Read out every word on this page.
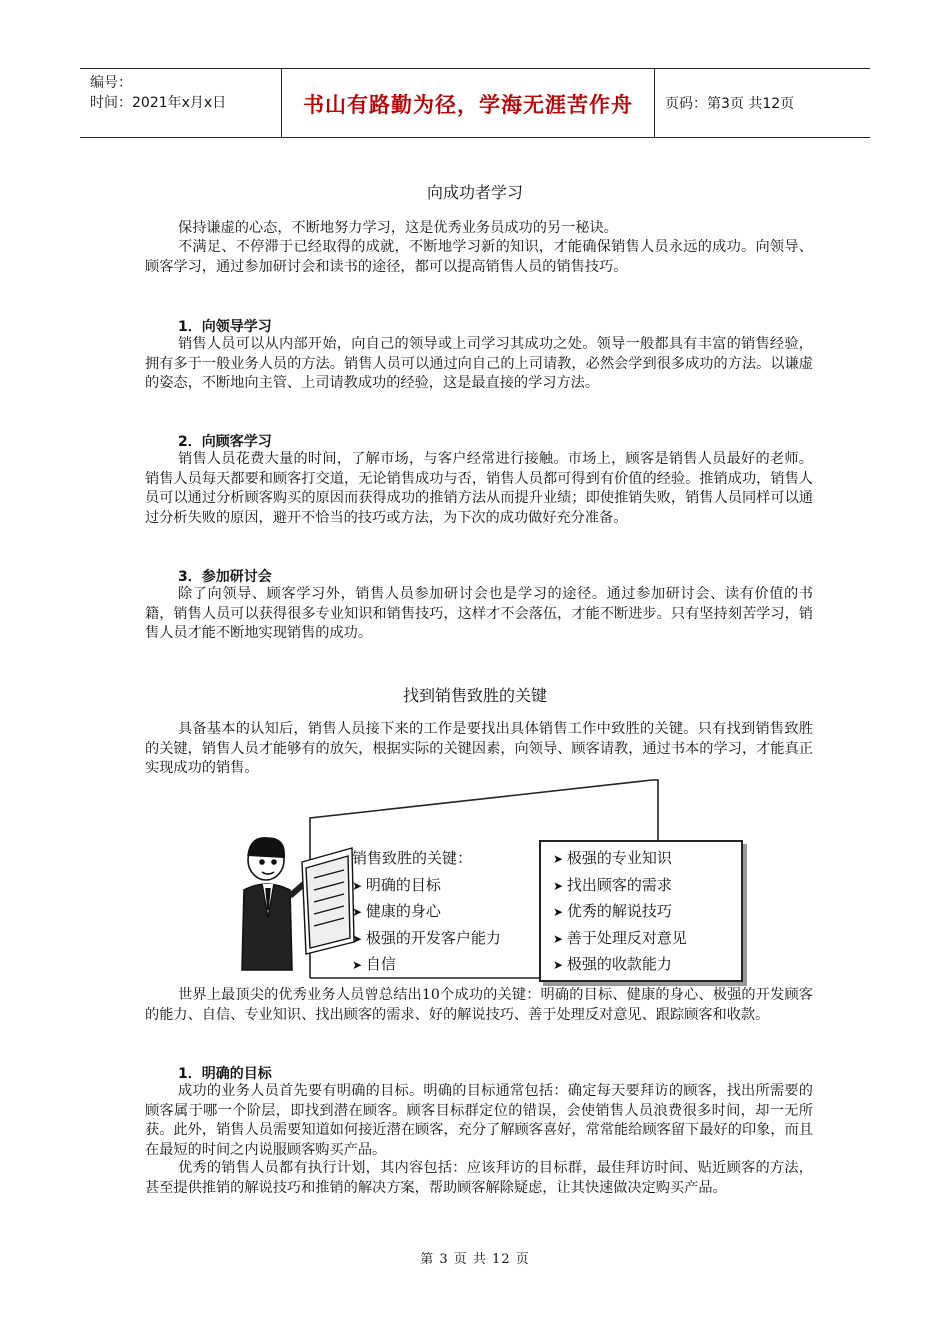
编号：
时间：2021年x月x日	书山有路勤为径，学海无涯苦作舟	页码：第3页 共12页
向成功者学习

保持谦虚的心态，不断地努力学习，这是优秀业务员成功的另一秘诀。

不满足、不停滞于已经取得的成就，不断地学习新的知识，才能确保销售人员永远的成功。向领导、顾客学习，通过参加研讨会和读书的途径，都可以提高销售人员的销售技巧。

1．向领导学习

销售人员可以从内部开始，向自己的领导或上司学习其成功之处。领导一般都具有丰富的销售经验，拥有多于一般业务人员的方法。销售人员可以通过向自己的上司请教，必然会学到很多成功的方法。以谦虚的姿态，不断地向主管、上司请教成功的经验，这是最直接的学习方法。

2．向顾客学习

销售人员花费大量的时间，了解市场，与客户经常进行接触。市场上，顾客是销售人员最好的老师。销售人员每天都要和顾客打交道，无论销售成功与否，销售人员都可得到有价值的经验。推销成功，销售人员可以通过分析顾客购买的原因而获得成功的推销方法从而提升业绩；即使推销失败，销售人员同样可以通过分析失败的原因，避开不恰当的技巧或方法，为下次的成功做好充分准备。

3．参加研讨会

除了向领导、顾客学习外，销售人员参加研讨会也是学习的途径。通过参加研讨会、读有价值的书籍，销售人员可以获得很多专业知识和销售技巧，这样才不会落伍，才能不断进步。只有坚持刻苦学习，销售人员才能不断地实现销售的成功。

找到销售致胜的关键

具备基本的认知后，销售人员接下来的工作是要找出具体销售工作中致胜的关键。只有找到销售致胜的关键，销售人员才能够有的放矢，根据实际的关键因素，向领导、顾客请教，通过书本的学习，才能真正实现成功的销售。

销售致胜的关键：
➤ 明确的目标
➤ 健康的身心
➤ 极强的开发客户能力
➤ 自信
➤ 极强的专业知识
➤ 找出顾客的需求
➤ 优秀的解说技巧
➤ 善于处理反对意见
➤ 极强的收款能力

世界上最顶尖的优秀业务人员曾总结出10个成功的关键：明确的目标、健康的身心、极强的开发顾客的能力、自信、专业知识、找出顾客的需求、好的解说技巧、善于处理反对意见、跟踪顾客和收款。

1．明确的目标

成功的业务人员首先要有明确的目标。明确的目标通常包括：确定每天要拜访的顾客，找出所需要的顾客属于哪一个阶层，即找到潜在顾客。顾客目标群定位的错误，会使销售人员浪费很多时间，却一无所获。此外，销售人员需要知道如何接近潜在顾客，充分了解顾客喜好，常常能给顾客留下最好的印象，而且在最短的时间之内说服顾客购买产品。

优秀的销售人员都有执行计划，其内容包括：应该拜访的目标群，最佳拜访时间、贴近顾客的方法，甚至提供推销的解说技巧和推销的解决方案，帮助顾客解除疑虑，让其快速做决定购买产品。

第 3 页 共 12 页
